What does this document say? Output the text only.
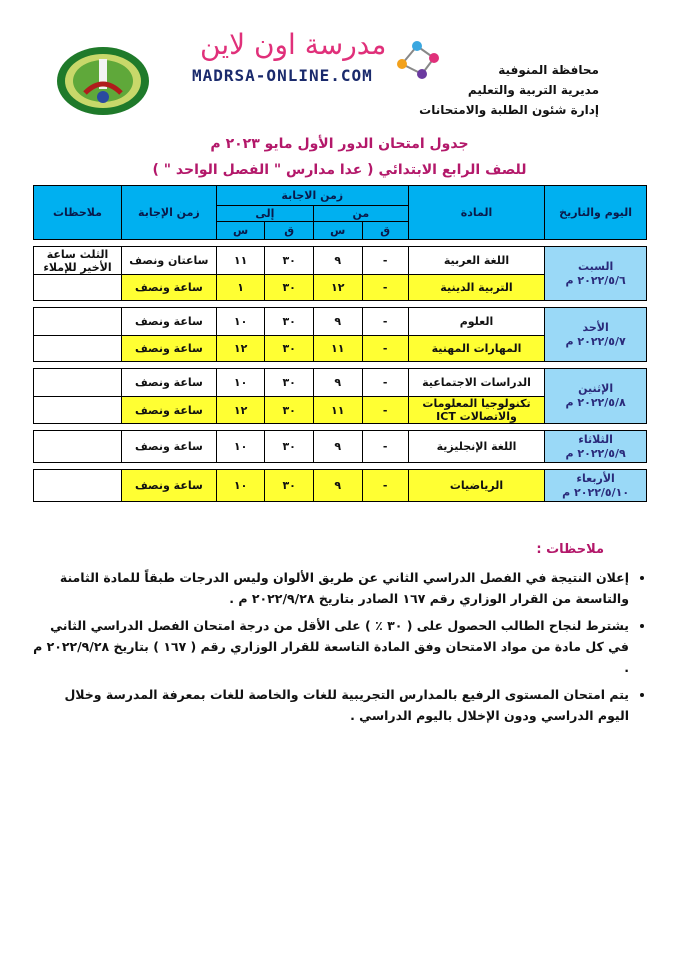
مدرسة اون لاين
MADRSA-ONLINE.COM	محافظة المنوفية
مديرية التربية والتعليم
إدارة شئون الطلبة والامتحانات
جدول امتحان الدور الأول مايو ٢٠٢٣ م
للصف الرابع الابتدائي ( عدا مدارس " الفصل الواحد " )
اليوم والتاريخ	المادة	زمن الاجابة				زمن الإجابة	ملاحظات
		من		إلى			
		ق	س	ق	س		

السبت
٢٠٢٢/٥/٦ م	اللغة العربية	-	٩	٣٠	١١	ساعتان ونصف	الثلث ساعة الأخير للإملاء
	التربية الدينية	-	١٢	٣٠	١	ساعة ونصف	

الأحد
٢٠٢٢/٥/٧ م	العلوم	-	٩	٣٠	١٠	ساعة ونصف	
	المهارات المهنية	-	١١	٣٠	١٢	ساعة ونصف	

الإثنين
٢٠٢٢/٥/٨ م	الدراسات الاجتماعية	-	٩	٣٠	١٠	ساعة ونصف	
	تكنولوجيا المعلومات والاتصالات ICT	-	١١	٣٠	١٢	ساعة ونصف	

الثلاثاء
٢٠٢٢/٥/٩ م	اللغة الإنجليزية	-	٩	٣٠	١٠	ساعة ونصف	

الأربعاء
٢٠٢٢/٥/١٠ م	الرياضيات	-	٩	٣٠	١٠	ساعة ونصف	
ملاحظات :
• إعلان النتيجة في الفصل الدراسي الثاني عن طريق الألوان وليس الدرجات طبقاً للمادة الثامنة والتاسعة من القرار الوزاري رقم ١٦٧ الصادر بتاريخ ٢٠٢٢/٩/٢٨ م .
• يشترط لنجاح الطالب الحصول على ( ٣٠ ٪ ) على الأقل من درجة امتحان الفصل الدراسي الثاني في كل مادة من مواد الامتحان وفق المادة التاسعة للقرار الوزاري رقم ( ١٦٧ ) بتاريخ ٢٠٢٢/٩/٢٨ م .
• يتم امتحان المستوى الرفيع بالمدارس التجريبية للغات والخاصة للغات بمعرفة المدرسة وخلال اليوم الدراسي ودون الإخلال باليوم الدراسي .
